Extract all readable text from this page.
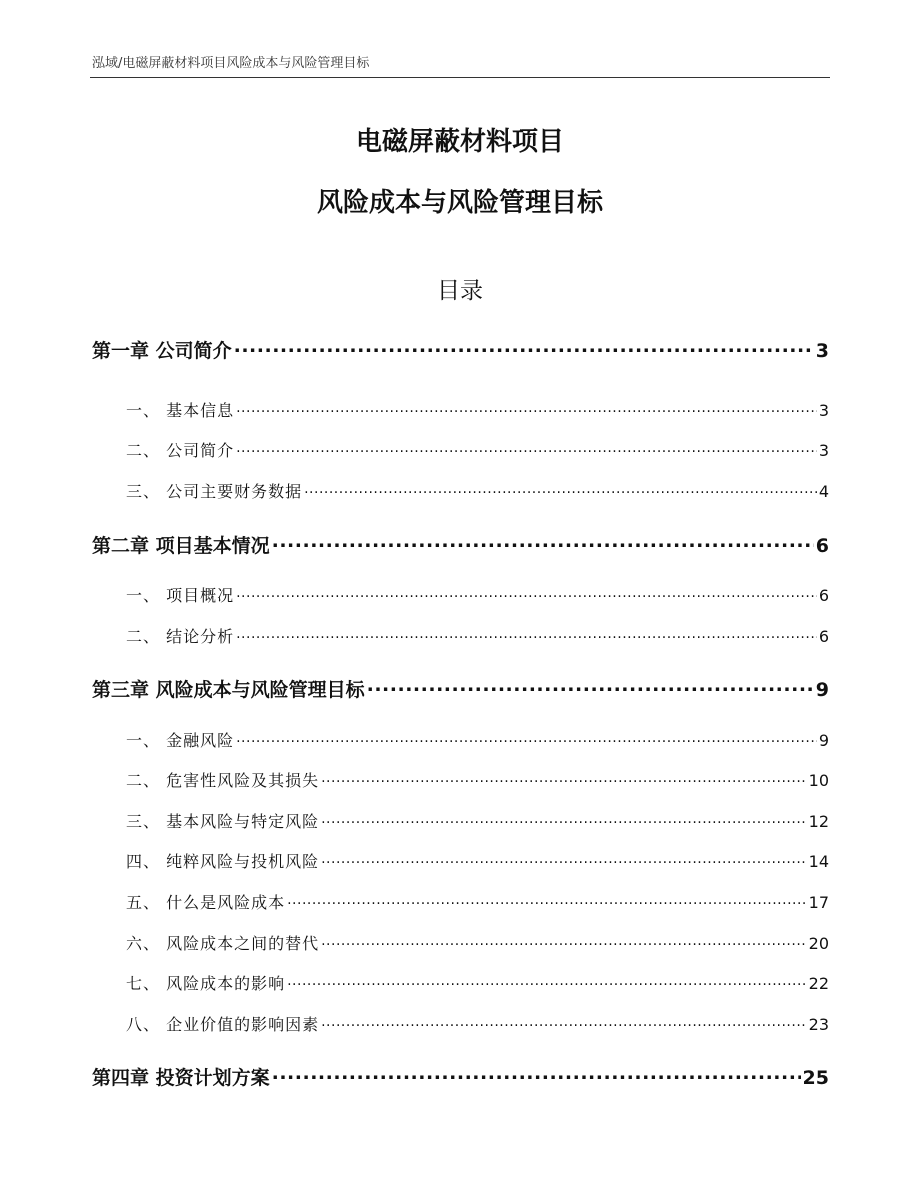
泓域/电磁屏蔽材料项目风险成本与风险管理目标
电磁屏蔽材料项目
风险成本与风险管理目标
目录
第一章 公司简介 .....	3
一、 基本信息 .....	3
二、 公司简介 .....	3
三、 公司主要财务数据 .....	4
第二章 项目基本情况 .....	6
一、 项目概况 .....	6
二、 结论分析 .....	6
第三章 风险成本与风险管理目标 .....	9
一、 金融风险 .....	9
二、 危害性风险及其损失 .....	10
三、 基本风险与特定风险 .....	12
四、 纯粹风险与投机风险 .....	14
五、 什么是风险成本 .....	17
六、 风险成本之间的替代 .....	20
七、 风险成本的影响 .....	22
八、 企业价值的影响因素 .....	23
第四章 投资计划方案 .....	25
